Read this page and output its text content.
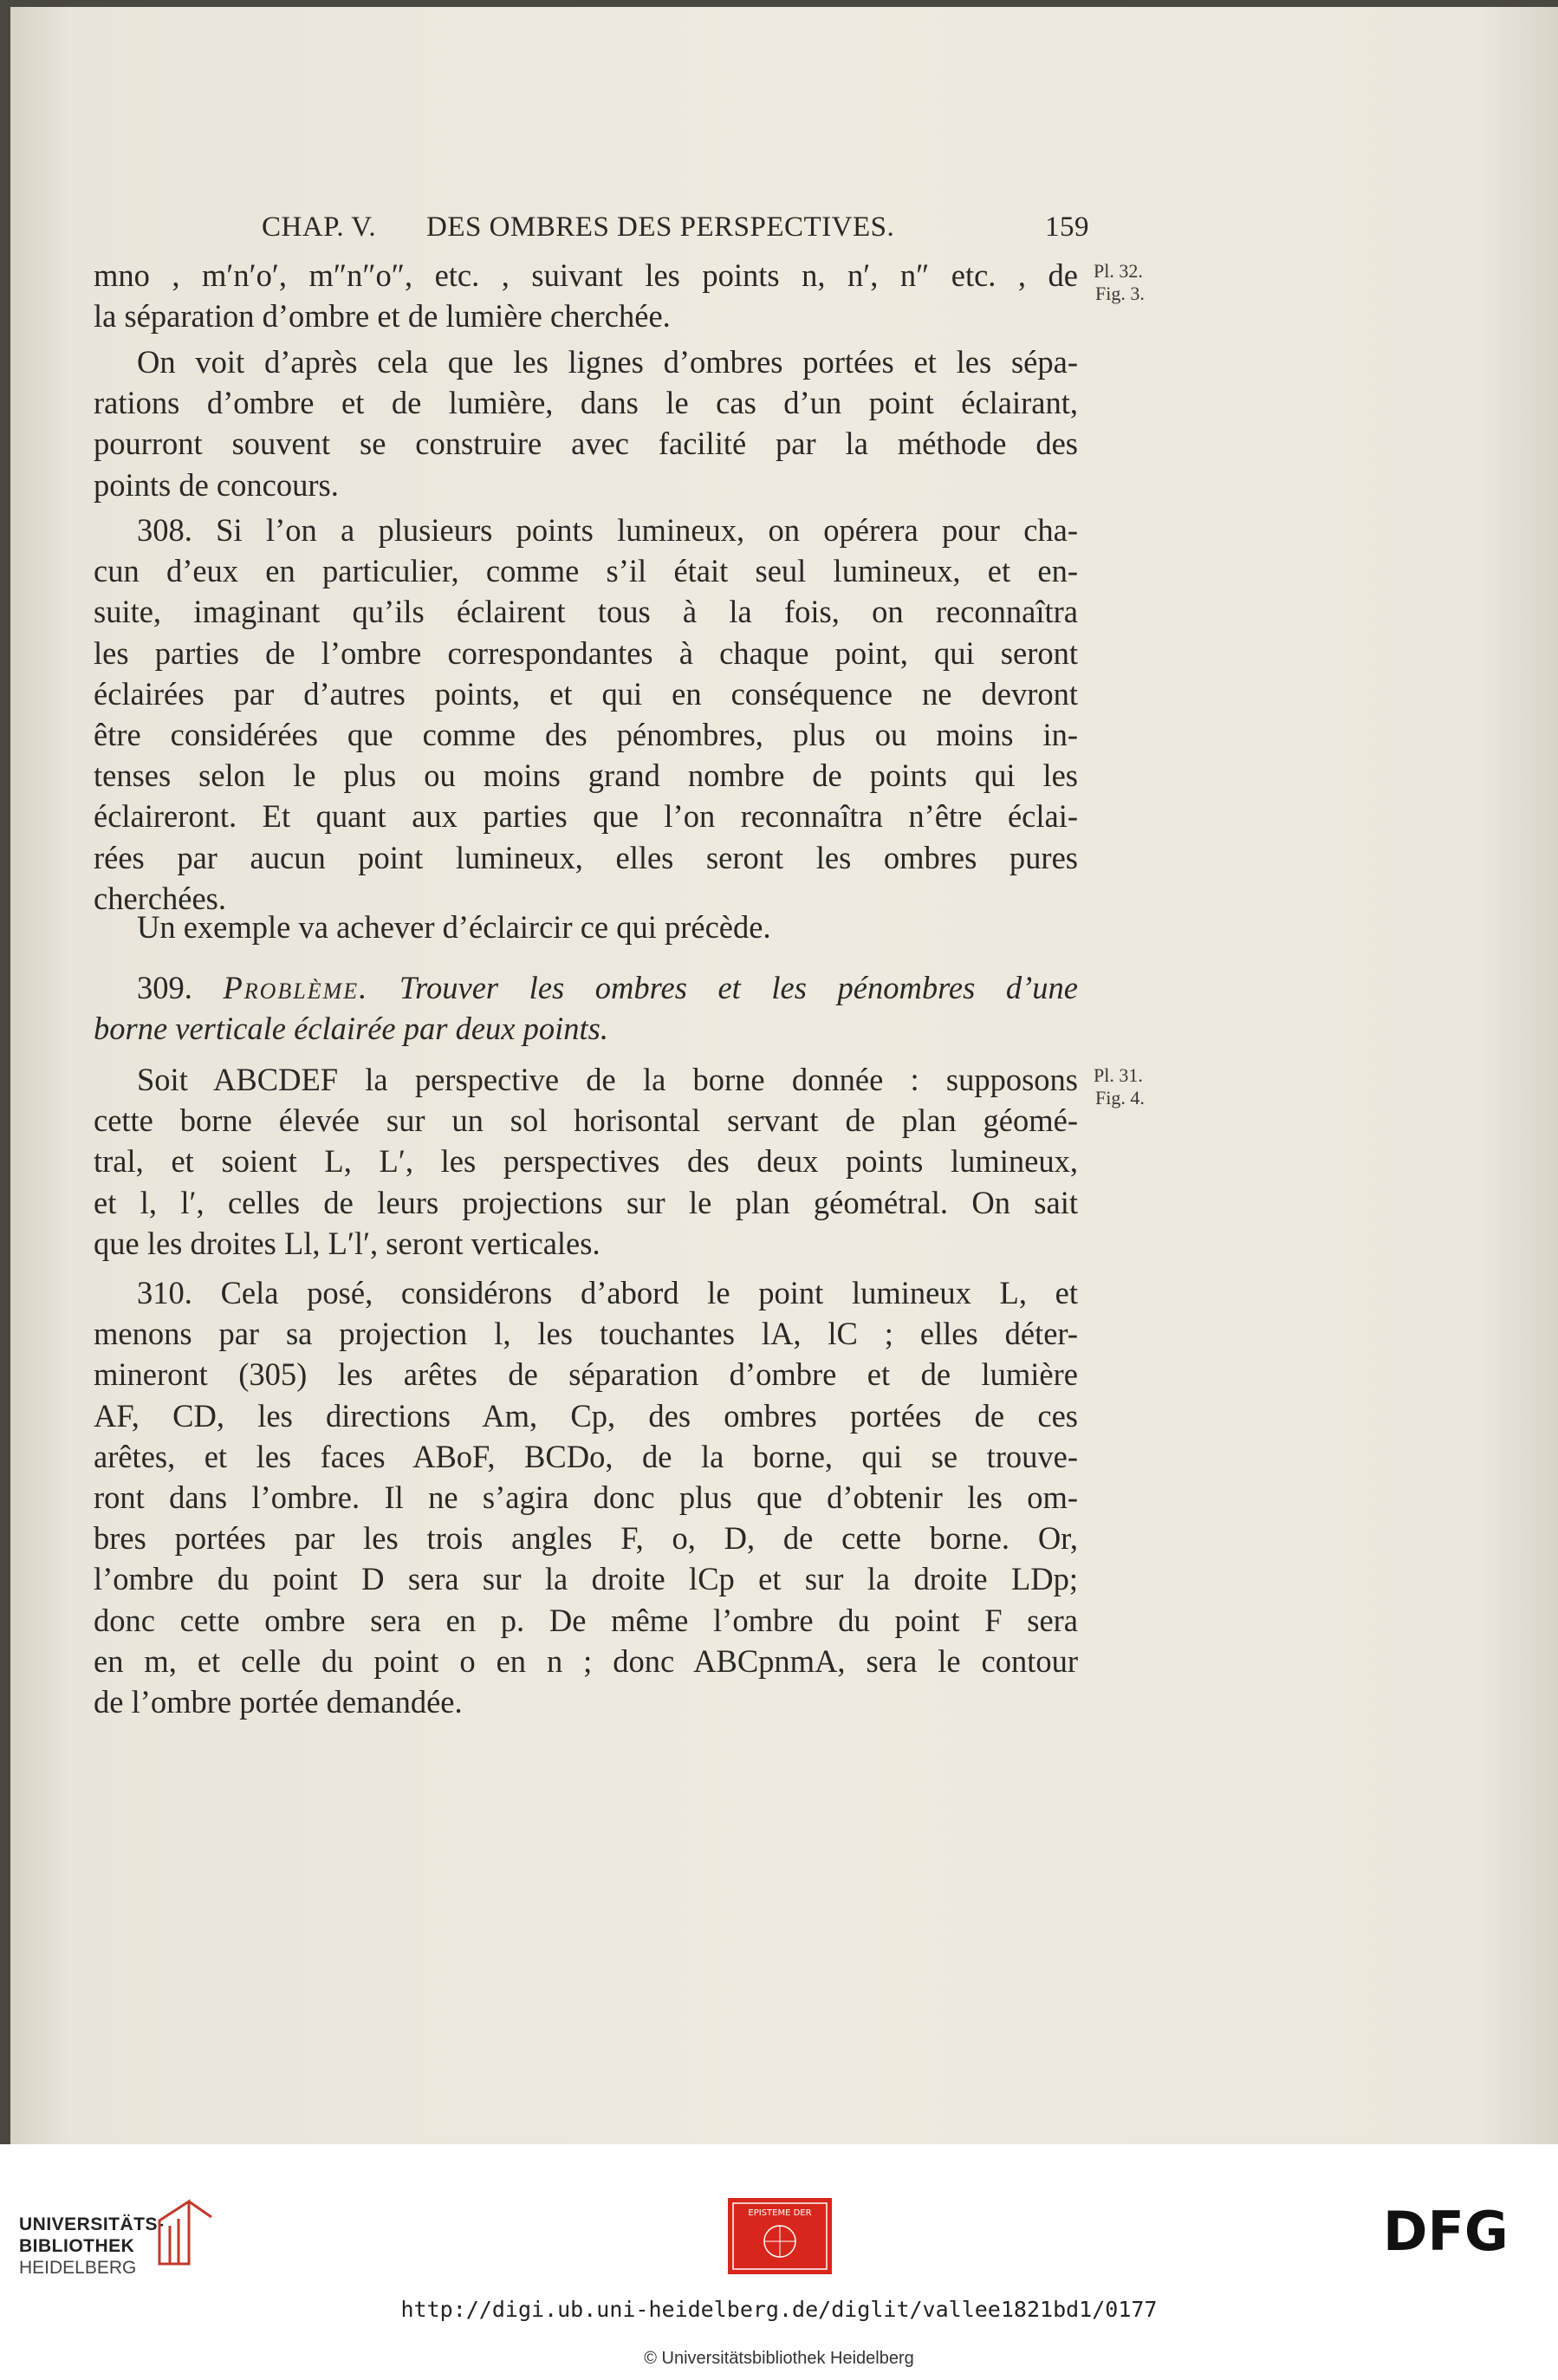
CHAP. V. DES OMBRES DES PERSPECTIVES.	159
Pl. 32.
Fig. 3.
Pl. 31.
Fig. 4.
mno , m′n′o′, m″n″o″, etc. , suivant les points n, n′, n″ etc. , de
la séparation d’ombre et de lumière cherchée.
On voit d’après cela que les lignes d’ombres portées et les sépa-
rations d’ombre et de lumière, dans le cas d’un point éclairant,
pourront souvent se construire avec facilité par la méthode des
points de concours.
308. Si l’on a plusieurs points lumineux, on opérera pour cha-
cun d’eux en particulier, comme s’il était seul lumineux, et en-
suite, imaginant qu’ils éclairent tous à la fois, on reconnaîtra
les parties de l’ombre correspondantes à chaque point, qui seront
éclairées par d’autres points, et qui en conséquence ne devront
être considérées que comme des pénombres, plus ou moins in-
tenses selon le plus ou moins grand nombre de points qui les
éclaireront. Et quant aux parties que l’on reconnaîtra n’être éclai-
rées par aucun point lumineux, elles seront les ombres pures
cherchées.
Un exemple va achever d’éclaircir ce qui précède.
309. Problème. Trouver les ombres et les pénombres d’une
borne verticale éclairée par deux points.
Soit ABCDEF la perspective de la borne donnée : supposons
cette borne élevée sur un sol horisontal servant de plan géomé-
tral, et soient L, L′, les perspectives des deux points lumineux,
et l, l′, celles de leurs projections sur le plan géométral. On sait
que les droites Ll, L′l′, seront verticales.
310. Cela posé, considérons d’abord le point lumineux L, et
menons par sa projection l, les touchantes lA, lC ; elles déter-
mineront (305) les arêtes de séparation d’ombre et de lumière
AF, CD, les directions Am, Cp, des ombres portées de ces
arêtes, et les faces ABoF, BCDo, de la borne, qui se trouve-
ront dans l’ombre. Il ne s’agira donc plus que d’obtenir les om-
bres portées par les trois angles F, o, D, de cette borne. Or,
l’ombre du point D sera sur la droite lCp et sur la droite LDp;
donc cette ombre sera en p. De même l’ombre du point F sera
en m, et celle du point o en n ; donc ABCpnmA, sera le contour
de l’ombre portée demandée.
UNIVERSITÄTS-
BIBLIOTHEK
HEIDELBERG
EPISTEME DER	DFG
http://digi.ub.uni-heidelberg.de/diglit/vallee1821bd1/0177
© Universitätsbibliothek Heidelberg
